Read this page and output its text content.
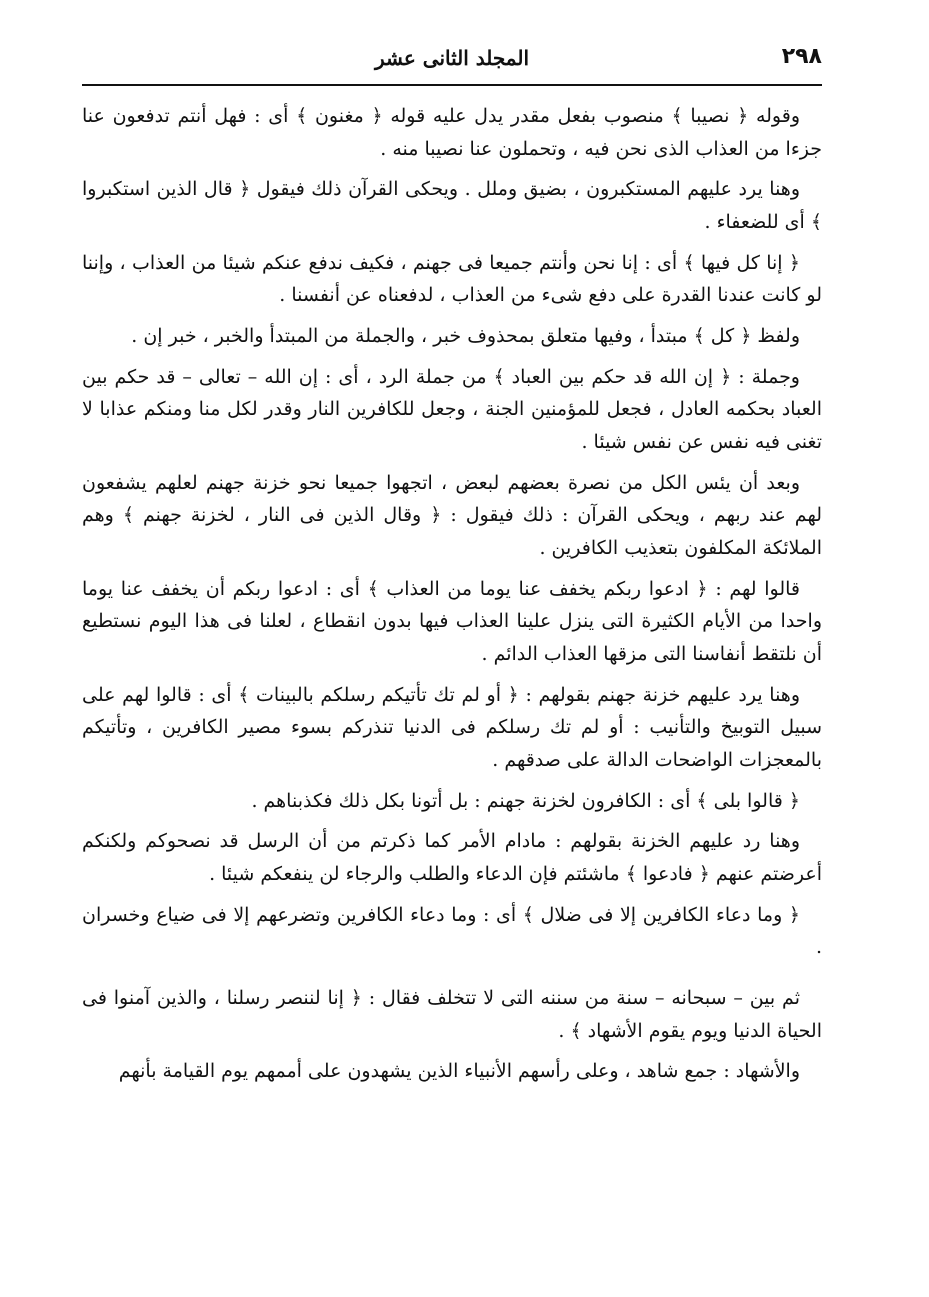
٢٩٨
المجلد الثانى عشر

وقوله ﴿ نصيبا ﴾ منصوب بفعل مقدر يدل عليه قوله ﴿ مغنون ﴾ أى : فهل أنتم تدفعون عنا جزءا من العذاب الذى نحن فيه ، وتحملون عنا نصيبا منه .

وهنا يرد عليهم المستكبرون ، بضيق وملل . ويحكى القرآن ذلك فيقول ﴿ قال الذين استكبروا ﴾ أى للضعفاء .

﴿ إنا كل فيها ﴾ أى : إنا نحن وأنتم جميعا فى جهنم ، فكيف ندفع عنكم شيئا من العذاب ، وإننا لو كانت عندنا القدرة على دفع شىء من العذاب ، لدفعناه عن أنفسنا .

ولفظ ﴿ كل ﴾ مبتدأ ، وفيها متعلق بمحذوف خبر ، والجملة من المبتدأ والخبر ، خبر إن .

وجملة : ﴿ إن الله قد حكم بين العباد ﴾ من جملة الرد ، أى : إن الله – تعالى – قد حكم بين العباد بحكمه العادل ، فجعل للمؤمنين الجنة ، وجعل للكافرين النار وقدر لكل منا ومنكم عذابا لا تغنى فيه نفس عن نفس شيئا .

وبعد أن يئس الكل من نصرة بعضهم لبعض ، اتجهوا جميعا نحو خزنة جهنم لعلهم يشفعون لهم عند ربهم ، ويحكى القرآن : ذلك فيقول : ﴿ وقال الذين فى النار ، لخزنة جهنم ﴾ وهم الملائكة المكلفون بتعذيب الكافرين .

قالوا لهم : ﴿ ادعوا ربكم يخفف عنا يوما من العذاب ﴾ أى : ادعوا ربكم أن يخفف عنا يوما واحدا من الأيام الكثيرة التى ينزل علينا العذاب فيها بدون انقطاع ، لعلنا فى هذا اليوم نستطيع أن نلتقط أنفاسنا التى مزقها العذاب الدائم .

وهنا يرد عليهم خزنة جهنم بقولهم : ﴿ أو لم تك تأتيكم رسلكم بالبينات ﴾ أى : قالوا لهم على سبيل التوبيخ والتأنيب : أو لم تك رسلكم فى الدنيا تنذركم بسوء مصير الكافرين ، وتأتيكم بالمعجزات الواضحات الدالة على صدقهم .

﴿ قالوا بلى ﴾ أى : الكافرون لخزنة جهنم : بل أتونا بكل ذلك فكذبناهم .

وهنا رد عليهم الخزنة بقولهم : مادام الأمر كما ذكرتم من أن الرسل قد نصحوكم ولكنكم أعرضتم عنهم ﴿ فادعوا ﴾ ماشئتم فإن الدعاء والطلب والرجاء لن ينفعكم شيئا .

﴿ وما دعاء الكافرين إلا فى ضلال ﴾ أى : وما دعاء الكافرين وتضرعهم إلا فى ضياع وخسران .

ثم بين – سبحانه – سنة من سننه التى لا تتخلف فقال : ﴿ إنا لننصر رسلنا ، والذين آمنوا فى الحياة الدنيا ويوم يقوم الأشهاد ﴾ .

والأشهاد : جمع شاهد ، وعلى رأسهم الأنبياء الذين يشهدون على أممهم يوم القيامة بأنهم
